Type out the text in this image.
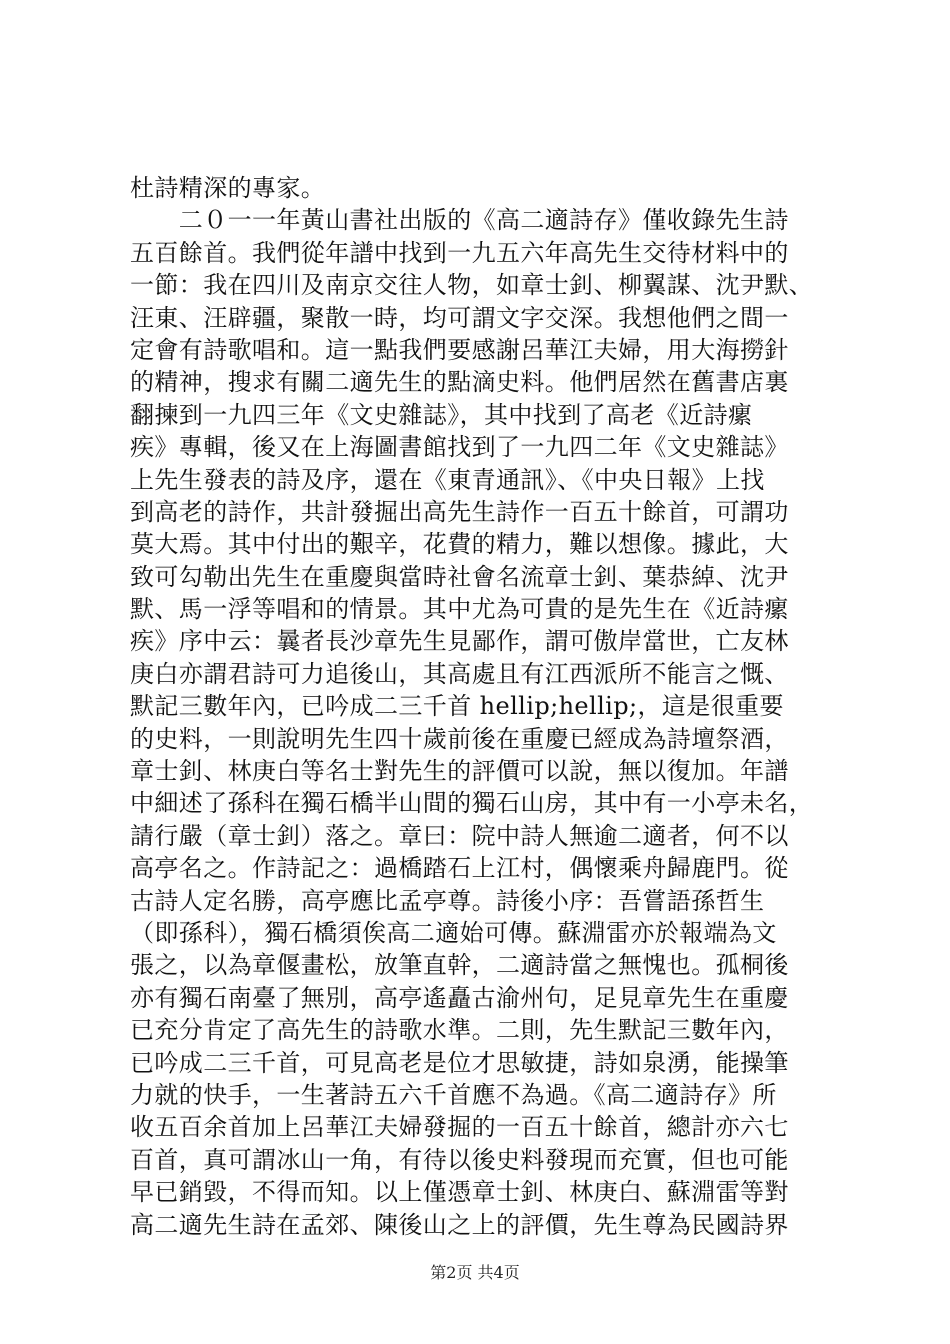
杜詩精深的專家。
　　二０一一年黃山書社出版的《高二適詩存》僅收錄先生詩
五百餘首。我們從年譜中找到一九五六年高先生交待材料中的
一節：我在四川及南京交往人物，如章士釗、柳翼謀、沈尹默、
汪東、汪辟疆，聚散一時，均可謂文字交深。我想他們之間一
定會有詩歌唱和。這一點我們要感謝呂華江夫婦，用大海撈針
的精神，搜求有關二適先生的點滴史料。他們居然在舊書店裏
翻揀到一九四三年《文史雜誌》，其中找到了高老《近詩瘰
疾》專輯，後又在上海圖書館找到了一九四二年《文史雜誌》
上先生發表的詩及序，還在《東青通訊》、《中央日報》上找
到高老的詩作，共計發掘出高先生詩作一百五十餘首，可謂功
莫大焉。其中付出的艱辛，花費的精力，難以想像。據此，大
致可勾勒出先生在重慶與當時社會名流章士釗、葉恭綽、沈尹
默、馬一浮等唱和的情景。其中尤為可貴的是先生在《近詩瘰
疾》序中云：曩者長沙章先生見鄙作，謂可傲岸當世，亡友林
庚白亦謂君詩可力追後山，其高處且有江西派所不能言之慨、
默記三數年內，已吟成二三千首 hellip;hellip;，這是很重要
的史料，一則說明先生四十歲前後在重慶已經成為詩壇祭酒，
章士釗、林庚白等名士對先生的評價可以說，無以復加。年譜
中細述了孫科在獨石橋半山間的獨石山房，其中有一小亭未名，
請行嚴（章士釗）落之。章曰：院中詩人無逾二適者，何不以
高亭名之。作詩記之：過橋踏石上江村，偶懷乘舟歸鹿門。從
古詩人定名勝，高亭應比孟亭尊。詩後小序：吾嘗語孫哲生
（即孫科），獨石橋須俟高二適始可傳。蘇淵雷亦於報端為文
張之，以為章偃畫松，放筆直幹，二適詩當之無愧也。孤桐後
亦有獨石南臺了無別，高亭遙矗古渝州句，足見章先生在重慶
已充分肯定了高先生的詩歌水準。二則，先生默記三數年內，
已吟成二三千首，可見高老是位才思敏捷，詩如泉湧，能操筆
力就的快手，一生著詩五六千首應不為過。《高二適詩存》所
收五百余首加上呂華江夫婦發掘的一百五十餘首，總計亦六七
百首，真可謂冰山一角，有待以後史料發現而充實，但也可能
早已銷毀，不得而知。以上僅憑章士釗、林庚白、蘇淵雷等對
高二適先生詩在孟郊、陳後山之上的評價，先生尊為民國詩界
第2页 共4页
